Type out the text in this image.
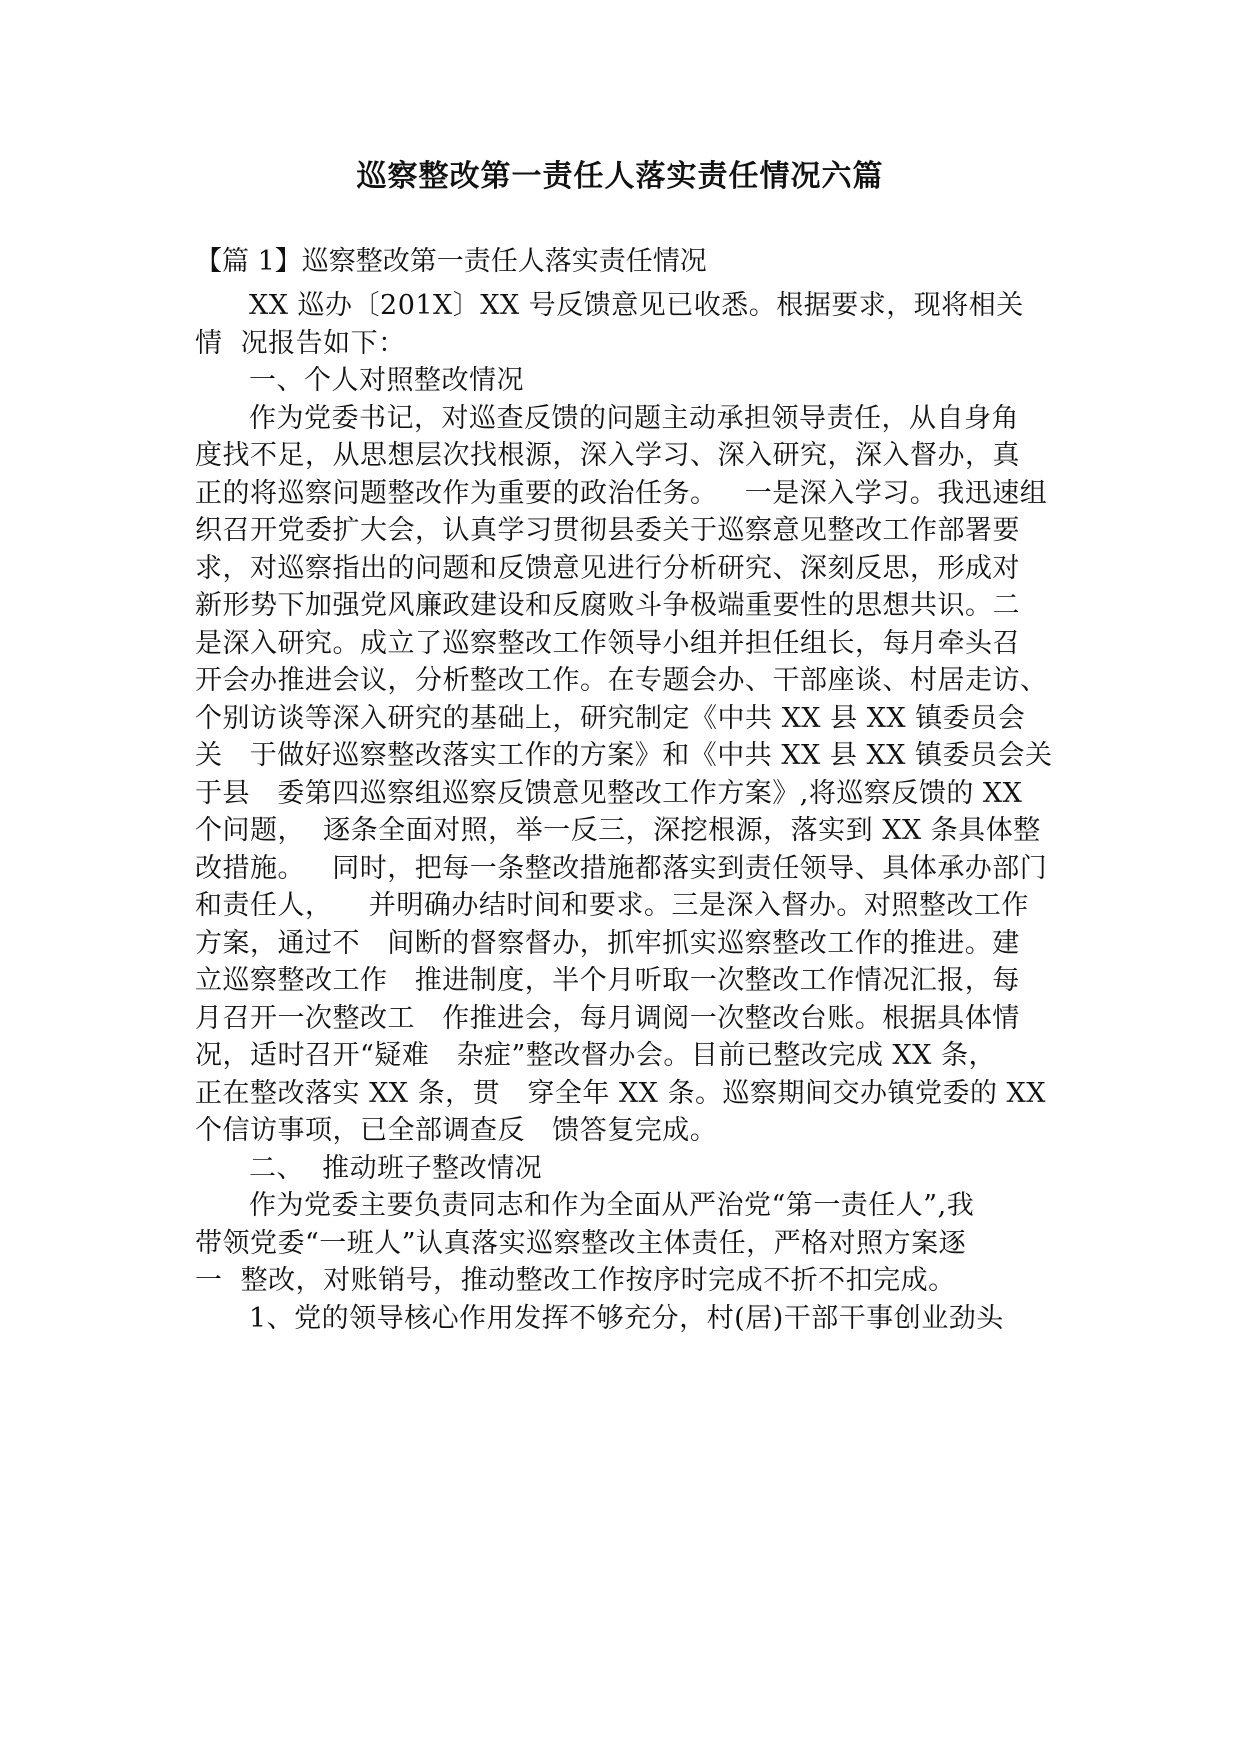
巡察整改第一责任人落实责任情况六篇
【篇 1】巡察整改第一责任人落实责任情况
XX 巡办〔201X〕XX 号反馈意见已收悉。根据要求，现将相关
情  况报告如下：
一、个人对照整改情况
作为党委书记，对巡查反馈的问题主动承担领导责任，从自身角
度找不足，从思想层次找根源，深入学习、深入研究，深入督办，真
正的将巡察问题整改作为重要的政治任务。   一是深入学习。我迅速组
织召开党委扩大会，认真学习贯彻县委关于巡察意见整改工作部署要
求，对巡察指出的问题和反馈意见进行分析研究、深刻反思，形成对
新形势下加强党风廉政建设和反腐败斗争极端重要性的思想共识。二
是深入研究。成立了巡察整改工作领导小组并担任组长，每月牵头召
开会办推进会议，分析整改工作。在专题会办、干部座谈、村居走访、
个别访谈等深入研究的基础上，研究制定《中共 XX 县 XX 镇委员会
关   于做好巡察整改落实工作的方案》和《中共 XX 县 XX 镇委员会关
于县   委第四巡察组巡察反馈意见整改工作方案》,将巡察反馈的 XX
个问题，  逐条全面对照，举一反三，深挖根源，落实到 XX 条具体整
改措施。   同时，把每一条整改措施都落实到责任领导、具体承办部门
和责任人，    并明确办结时间和要求。三是深入督办。对照整改工作
方案，通过不   间断的督察督办，抓牢抓实巡察整改工作的推进。建
立巡察整改工作   推进制度，半个月听取一次整改工作情况汇报，每
月召开一次整改工   作推进会，每月调阅一次整改台账。根据具体情
况，适时召开“疑难   杂症”整改督办会。目前已整改完成 XX 条，
正在整改落实 XX 条，贯   穿全年 XX 条。巡察期间交办镇党委的 XX
个信访事项，已全部调查反   馈答复完成。
二、  推动班子整改情况
作为党委主要负责同志和作为全面从严治党“第一责任人”,我
带领党委“一班人”认真落实巡察整改主体责任，严格对照方案逐
一  整改，对账销号，推动整改工作按序时完成不折不扣完成。
1、党的领导核心作用发挥不够充分，村(居)干部干事创业劲头
